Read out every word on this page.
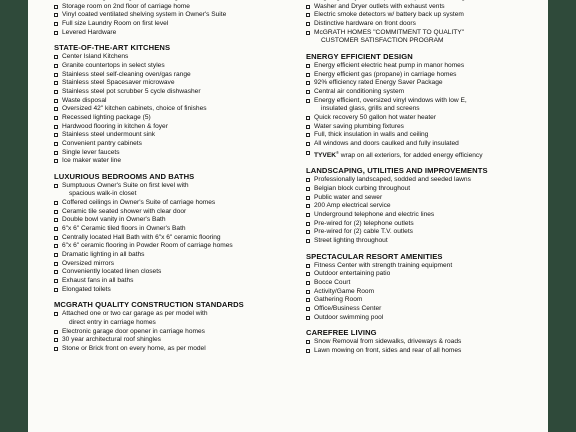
Storage room on 2nd floor of carriage home
Vinyl coated ventilated shelving system in Owner's Suite
Full size Laundry Room on first level
Levered Hardware
STATE-OF-THE-ART KITCHENS
Center Island Kitchens
Granite countertops in select styles
Stainless steel self-cleaning oven/gas range
Stainless steel Spacesaver microwave
Stainless steel pot scrubber 5 cycle dishwasher
Waste disposal
Oversized 42" kitchen cabinets, choice of finishes
Recessed lighting package (5)
Hardwood flooring in kitchen & foyer
Stainless steel undermount sink
Convenient pantry cabinets
Single lever faucets
Ice maker water line
LUXURIOUS BEDROOMS AND BATHS
Sumptuous Owner's Suite on first level with
spacious walk-in closet
Coffered ceilings in Owner's Suite of carriage homes
Ceramic tile seated shower with clear door
Double bowl vanity in Owner's Bath
6"x 6" Ceramic tiled floors in Owner's Bath
Centrally located Hall Bath with 6"x 6" ceramic flooring
6"x 6" ceramic flooring in Powder Room of carriage homes
Dramatic lighting in all baths
Oversized mirrors
Conveniently located linen closets
Exhaust fans in all baths
Elongated toilets
MCGRATH QUALITY CONSTRUCTION STANDARDS
Attached one or two car garage as per model with
direct entry in carriage homes
Electronic garage door opener in carriage homes
30 year architectural roof shingles
Stone or Brick front on every home, as per model
Washer and Dryer outlets with exhaust vents
Electric smoke detectors w/ battery back up system
Distinctive hardware on front doors
McGRATH HOMES "COMMITMENT TO QUALITY"
CUSTOMER SATISFACTION PROGRAM
ENERGY EFFICIENT DESIGN
Energy efficient electric heat pump in manor homes
Energy efficient gas (propane) in carriage homes
92% efficiency rated Energy Saver Package
Central air conditioning system
Energy efficient, oversized vinyl windows with low E,
insulated glass, grills and screens
Quick recovery 50 gallon hot water heater
Water saving plumbing fixtures
Full, thick insulation in walls and ceiling
All windows and doors caulked and fully insulated
TYVEK® wrap on all exteriors, for added energy efficiency
LANDSCAPING, UTILITIES AND IMPROVEMENTS
Professionally landscaped, sodded and seeded lawns
Belgian block curbing throughout
Public water and sewer
200 Amp electrical service
Underground telephone and electric lines
Pre-wired for (2) telephone outlets
Pre-wired for (2) cable T.V. outlets
Street lighting throughout
SPECTACULAR RESORT AMENITIES
Fitness Center with strength training equipment
Outdoor entertaining patio
Bocce Court
Activity/Game Room
Gathering Room
Office/Business Center
Outdoor swimming pool
CAREFREE LIVING
Snow Removal from sidewalks, driveways & roads
Lawn mowing on front, sides and rear of all homes
